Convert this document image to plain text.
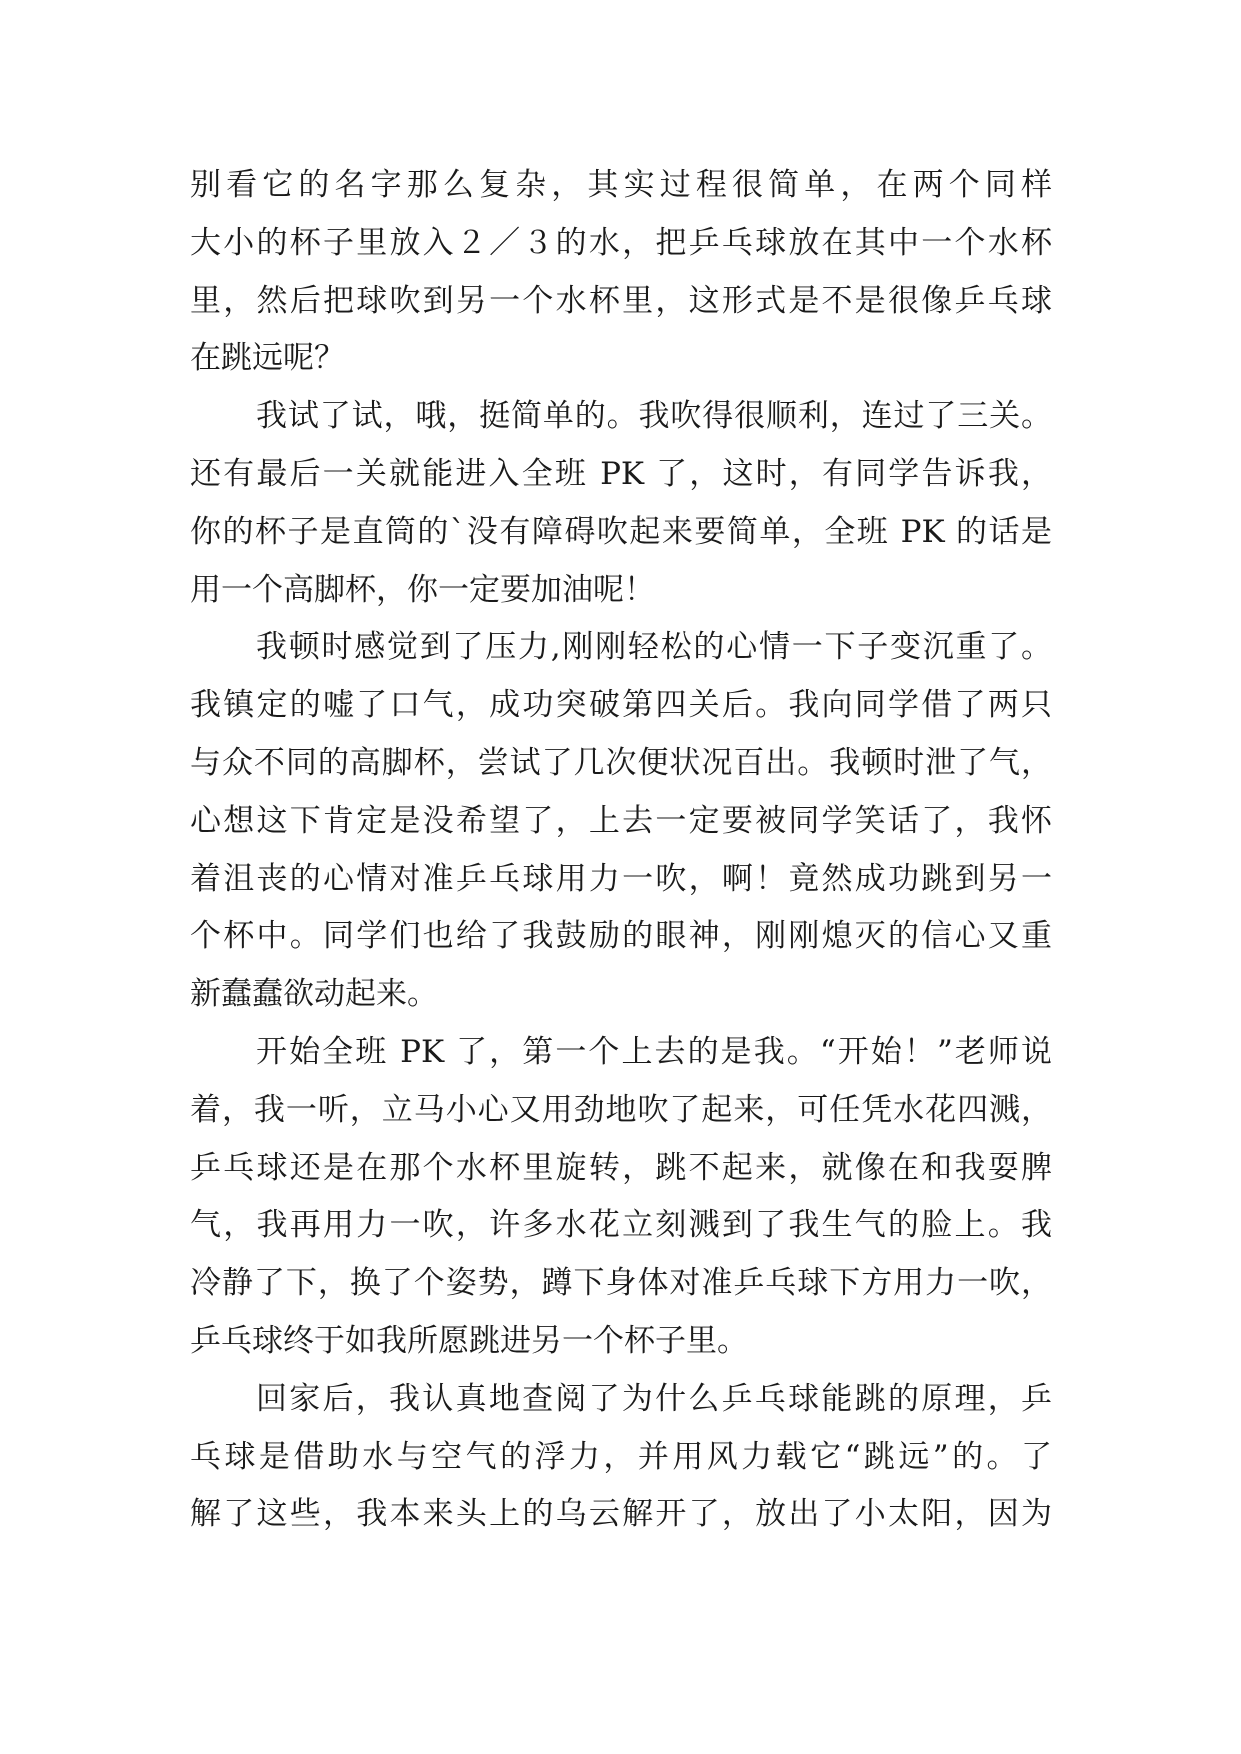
别看它的名字那么复杂，其实过程很简单，在两个同样
大小的杯子里放入２／３的水，把乒乓球放在其中一个水杯
里，然后把球吹到另一个水杯里，这形式是不是很像乒乓球
在跳远呢？
我试了试，哦，挺简单的。我吹得很顺利，连过了三关。
还有最后一关就能进入全班 PK 了，这时，有同学告诉我，
你的杯子是直筒的`没有障碍吹起来要简单，全班 PK 的话是
用一个高脚杯，你一定要加油呢！
我顿时感觉到了压力,刚刚轻松的心情一下子变沉重了。
我镇定的嘘了口气，成功突破第四关后。我向同学借了两只
与众不同的高脚杯，尝试了几次便状况百出。我顿时泄了气，
心想这下肯定是没希望了，上去一定要被同学笑话了，我怀
着沮丧的心情对准乒乓球用力一吹，啊！竟然成功跳到另一
个杯中。同学们也给了我鼓励的眼神，刚刚熄灭的信心又重
新蠢蠢欲动起来。
开始全班 PK 了，第一个上去的是我。“开始！”老师说
着，我一听，立马小心又用劲地吹了起来，可任凭水花四溅，
乒乓球还是在那个水杯里旋转，跳不起来，就像在和我耍脾
气，我再用力一吹，许多水花立刻溅到了我生气的脸上。我
冷静了下，换了个姿势，蹲下身体对准乒乓球下方用力一吹，
乒乓球终于如我所愿跳进另一个杯子里。
回家后，我认真地查阅了为什么乒乓球能跳的原理，乒
乓球是借助水与空气的浮力，并用风力载它“跳远”的。了
解了这些，我本来头上的乌云解开了，放出了小太阳，因为
